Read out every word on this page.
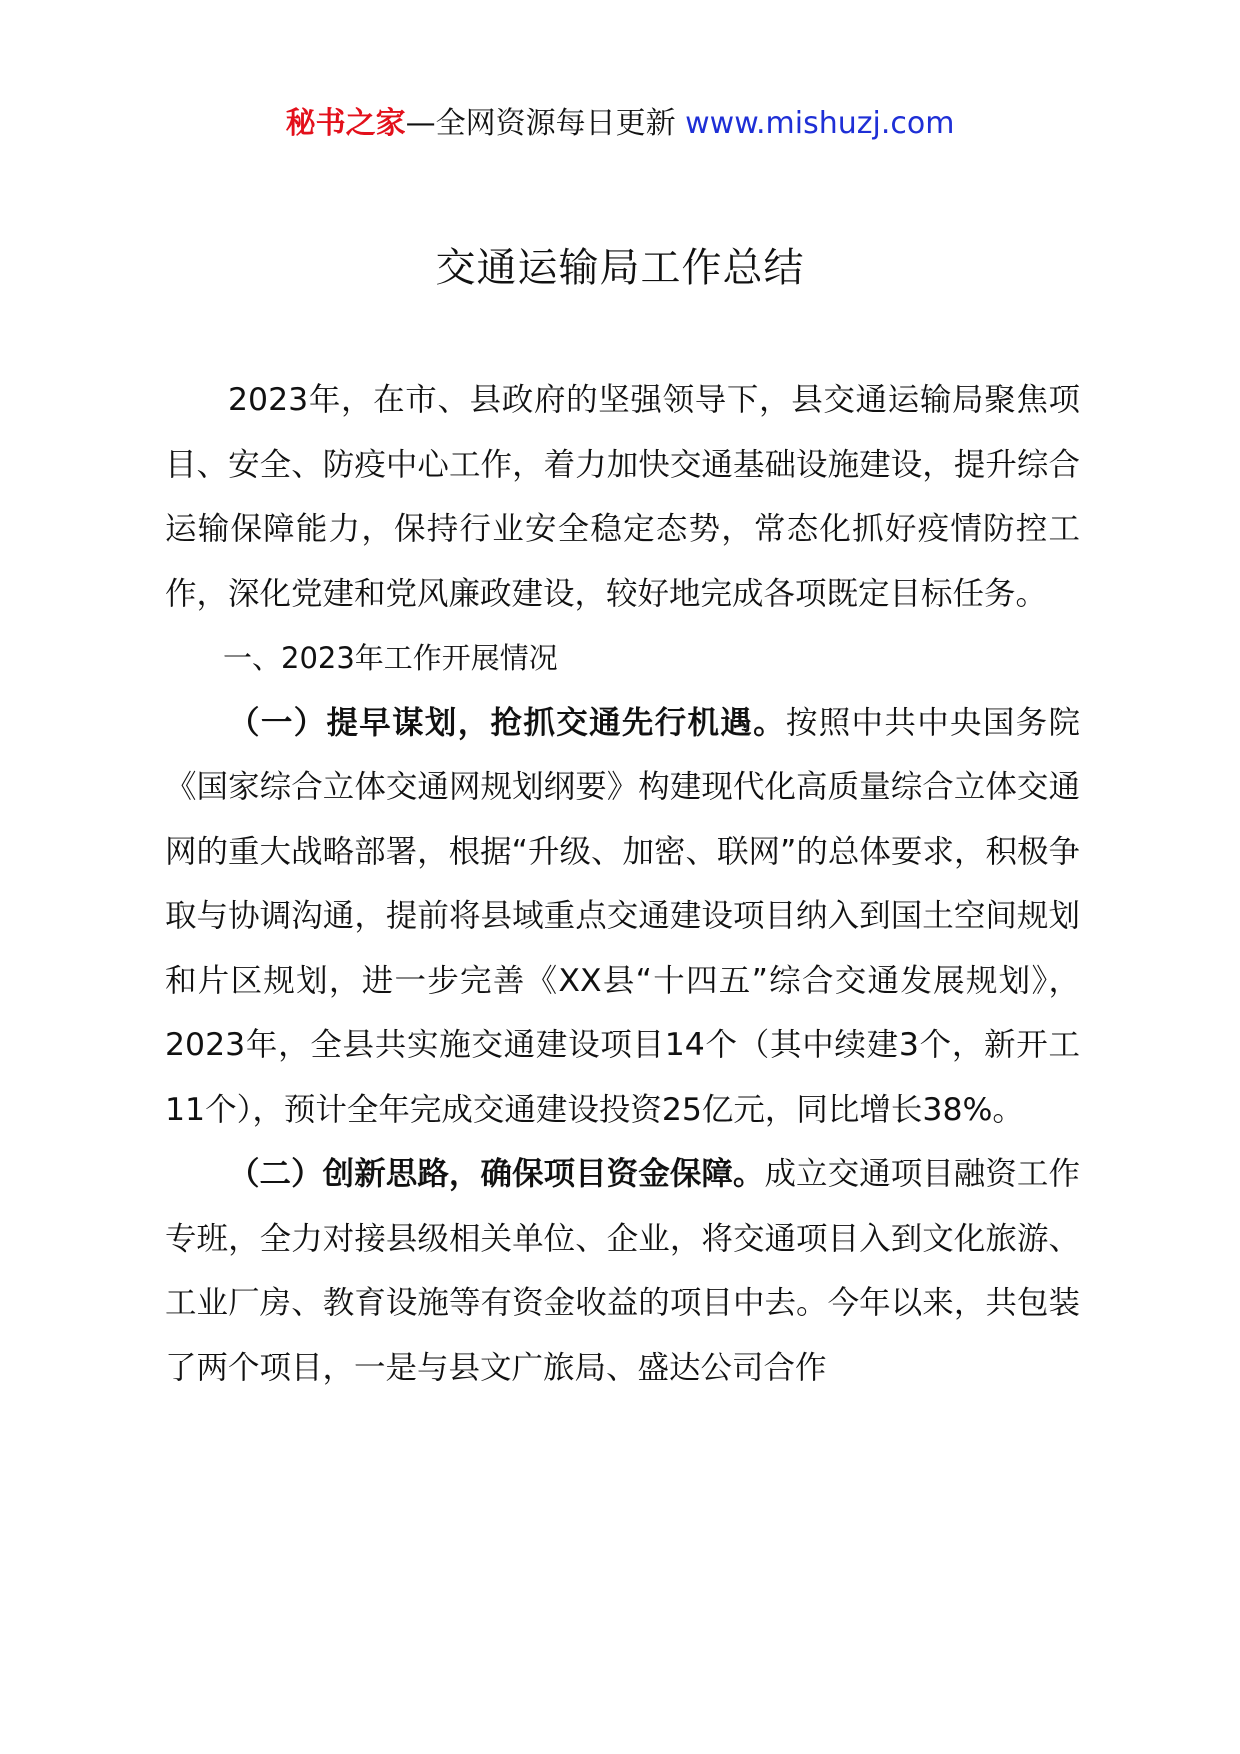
秘书之家—全网资源每日更新 www.mishuzj.com
交通运输局工作总结

2023年，在市、县政府的坚强领导下，县交通运输局聚焦项目、安全、防疫中心工作，着力加快交通基础设施建设，提升综合运输保障能力，保持行业安全稳定态势，常态化抓好疫情防控工作，深化党建和党风廉政建设，较好地完成各项既定目标任务。

一、2023年工作开展情况

（一）提早谋划，抢抓交通先行机遇。按照中共中央国务院《国家综合立体交通网规划纲要》构建现代化高质量综合立体交通网的重大战略部署，根据“升级、加密、联网”的总体要求，积极争取与协调沟通，提前将县域重点交通建设项目纳入到国土空间规划和片区规划，进一步完善《XX县“十四五”综合交通发展规划》，2023年，全县共实施交通建设项目14个（其中续建3个，新开工11个），预计全年完成交通建设投资25亿元，同比增长38%。

（二）创新思路，确保项目资金保障。成立交通项目融资工作专班，全力对接县级相关单位、企业，将交通项目入到文化旅游、工业厂房、教育设施等有资金收益的项目中去。今年以来，共包装了两个项目，一是与县文广旅局、盛达公司合作
